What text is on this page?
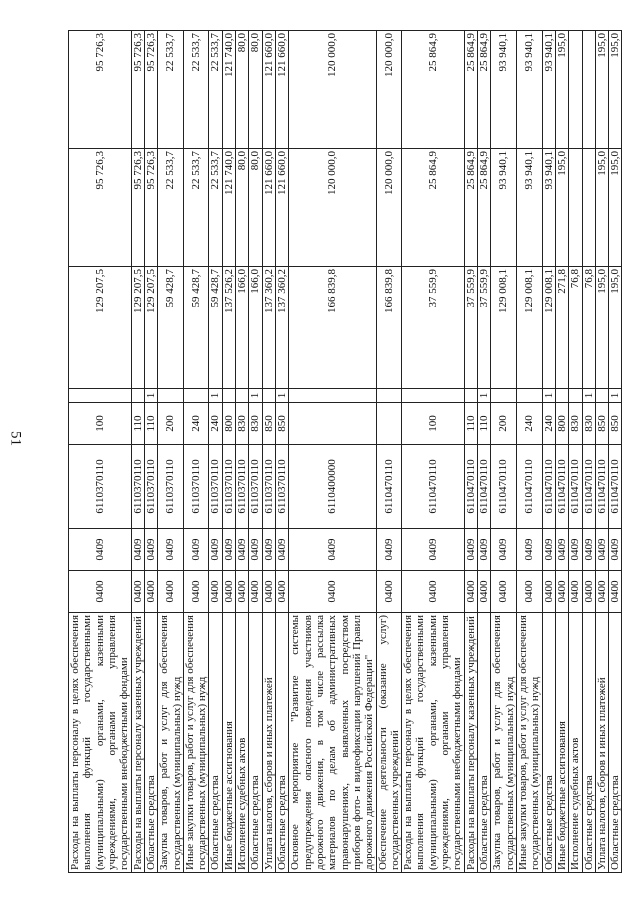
51
Расходы на выплаты персоналу в целях обеспечения выполнения функций государственными (муниципальными) органами, казенными учреждениями, органами управления государственными внебюджетными фондами	0400	0409	6110370110	100		129 207,5	95 726,3	95 726,3
Расходы на выплаты персоналу казенных учреждений	0400	0409	6110370110	110		129 207,5	95 726,3	95 726,3
Областные средства	0400	0409	6110370110	110	1	129 207,5	95 726,3	95 726,3
Закупка товаров, работ и услуг для обеспечения государственных (муниципальных) нужд	0400	0409	6110370110	200		59 428,7	22 533,7	22 533,7
Иные закупки товаров, работ и услуг для обеспечения государственных (муниципальных) нужд	0400	0409	6110370110	240		59 428,7	22 533,7	22 533,7
Областные средства	0400	0409	6110370110	240	1	59 428,7	22 533,7	22 533,7
Иные бюджетные ассигнования	0400	0409	6110370110	800		137 526,2	121 740,0	121 740,0
Исполнение судебных актов	0400	0409	6110370110	830		166,0	80,0	80,0
Областные средства	0400	0409	6110370110	830	1	166,0	80,0	80,0
Уплата налогов, сборов и иных платежей	0400	0409	6110370110	850		137 360,2	121 660,0	121 660,0
Областные средства	0400	0409	6110370110	850	1	137 360,2	121 660,0	121 660,0
Основное мероприятие "Развитие системы предупреждения опасного поведения участников дорожного движения, в том числе рассылка материалов по делам об административных правонарушениях, выявленных посредством приборов фото- и видеофиксации нарушений Правил дорожного движения Российской Федерации"	0400	0409	6110400000			166 839,8	120 000,0	120 000,0
Обеспечение деятельности (оказание услуг) государственных учреждений	0400	0409	6110470110			166 839,8	120 000,0	120 000,0
Расходы на выплаты персоналу в целях обеспечения выполнения функций государственными (муниципальными) органами, казенными учреждениями, органами управления государственными внебюджетными фондами	0400	0409	6110470110	100		37 559,9	25 864,9	25 864,9
Расходы на выплаты персоналу казенных учреждений	0400	0409	6110470110	110		37 559,9	25 864,9	25 864,9
Областные средства	0400	0409	6110470110	110	1	37 559,9	25 864,9	25 864,9
Закупка товаров, работ и услуг для обеспечения государственных (муниципальных) нужд	0400	0409	6110470110	200		129 008,1	93 940,1	93 940,1
Иные закупки товаров, работ и услуг для обеспечения государственных (муниципальных) нужд	0400	0409	6110470110	240		129 008,1	93 940,1	93 940,1
Областные средства	0400	0409	6110470110	240	1	129 008,1	93 940,1	93 940,1
Иные бюджетные ассигнования	0400	0409	6110470110	800		271,8	195,0	195,0
Исполнение судебных актов	0400	0409	6110470110	830		76,8		
Областные средства	0400	0409	6110470110	830	1	76,8		
Уплата налогов, сборов и иных платежей	0400	0409	6110470110	850		195,0	195,0	195,0
Областные средства	0400	0409	6110470110	850	1	195,0	195,0	195,0
